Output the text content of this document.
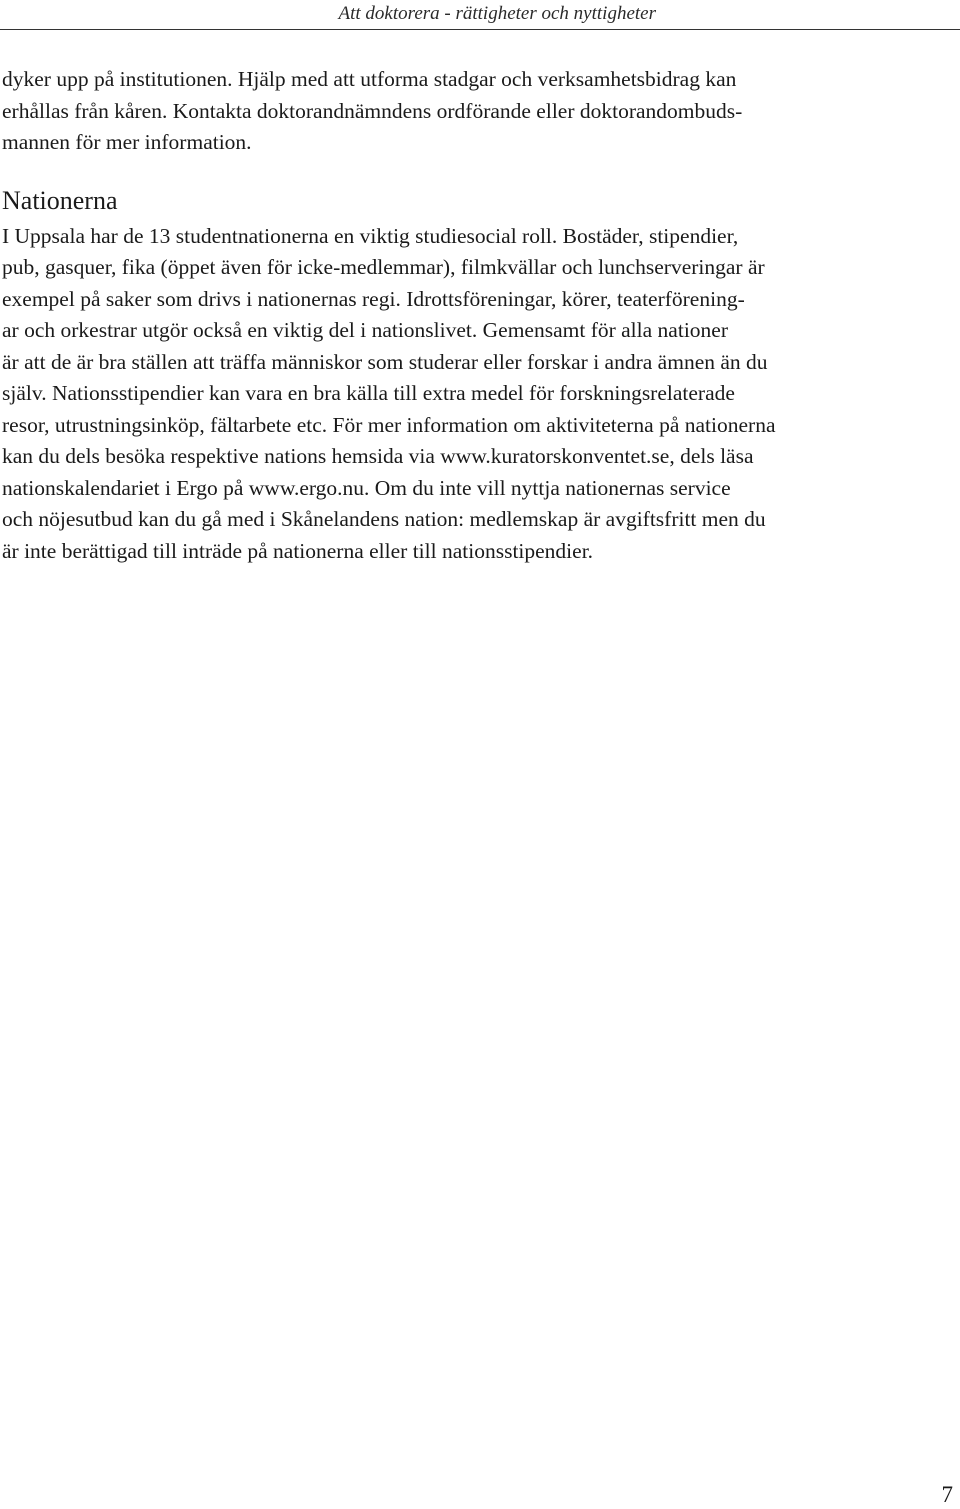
Att doktorera - rättigheter och nyttigheter

dyker upp på institutionen. Hjälp med att utforma stadgar och verksamhetsbidrag kan
erhållas från kåren. Kontakta doktorandnämndens ordförande eller doktorandombuds-
mannen för mer information.

Nationerna

I Uppsala har de 13 studentnationerna en viktig studiesocial roll. Bostäder, stipendier,
pub, gasquer, fika (öppet även för icke-medlemmar), filmkvällar och lunchserveringar är
exempel på saker som drivs i nationernas regi. Idrottsföreningar, körer, teaterförening-
ar och orkestrar utgör också en viktig del i nationslivet. Gemensamt för alla nationer
är att de är bra ställen att träffa människor som studerar eller forskar i andra ämnen än du
själv. Nationsstipendier kan vara en bra källa till extra medel för forskningsrelaterade
resor, utrustningsinköp, fältarbete etc. För mer information om aktiviteterna på nationerna
kan du dels besöka respektive nations hemsida via www.kuratorskonventet.se, dels läsa
nationskalendariet i Ergo på www.ergo.nu. Om du inte vill nyttja nationernas service
och nöjesutbud kan du gå med i Skånelandens nation: medlemskap är avgiftsfritt men du
är inte berättigad till inträde på nationerna eller till nationsstipendier.

7
